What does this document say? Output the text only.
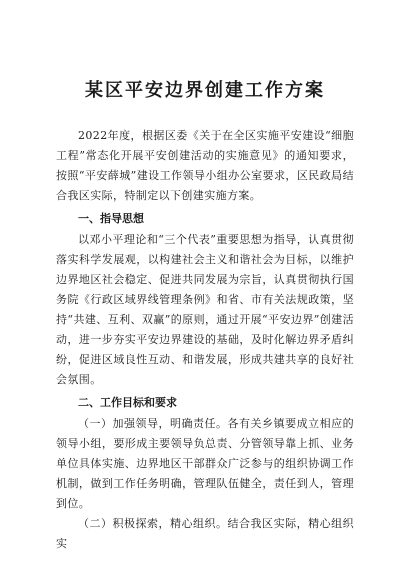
某区平安边界创建工作方案

2022年度，根据区委《关于在全区实施平安建设“细胞工程”常态化开展平安创建活动的实施意见》的通知要求，按照“平安薛城”建设工作领导小组办公室要求，区民政局结合我区实际，特制定以下创建实施方案。

一、指导思想

以邓小平理论和“三个代表”重要思想为指导，认真贯彻落实科学发展观，以构建社会主义和谐社会为目标，以维护边界地区社会稳定、促进共同发展为宗旨，认真贯彻执行国务院《行政区域界线管理条例》和省、市有关法规政策，坚持“共建、互利、双赢”的原则，通过开展“平安边界”创建活动，进一步夯实平安边界建设的基础，及时化解边界矛盾纠纷，促进区域良性互动、和谐发展，形成共建共享的良好社会氛围。

二、工作目标和要求

（一）加强领导，明确责任。各有关乡镇要成立相应的领导小组，要形成主要领导负总责、分管领导靠上抓、业务单位具体实施、边界地区干部群众广泛参与的组织协调工作机制，做到工作任务明确，管理队伍健全，责任到人，管理到位。

（二）积极探索，精心组织。结合我区实际，精心组织实
